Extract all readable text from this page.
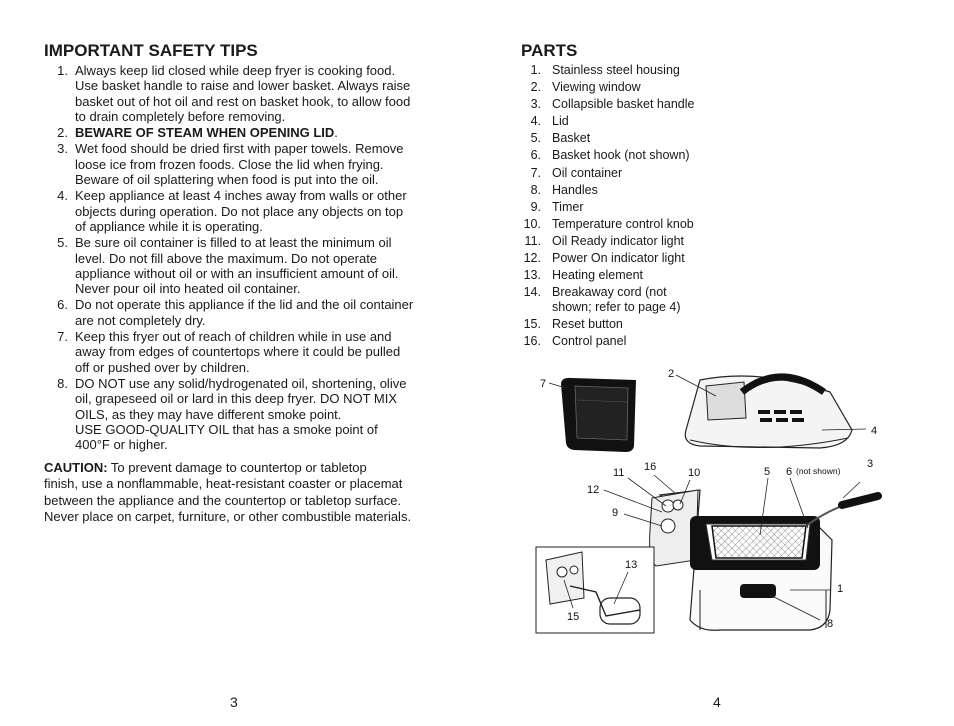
IMPORTANT SAFETY TIPS
1. Always keep lid closed while deep fryer is cooking food.
Use basket handle to raise and lower basket. Always raise
basket out of hot oil and rest on basket hook, to allow food
to drain completely before removing.
2. BEWARE OF STEAM WHEN OPENING LID.
3. Wet food should be dried first with paper towels. Remove
loose ice from frozen foods. Close the lid when frying.
Beware of oil splattering when food is put into the oil.
4. Keep appliance at least 4 inches away from walls or other
objects during operation. Do not place any objects on top
of appliance while it is operating.
5. Be sure oil container is filled to at least the minimum oil
level. Do not fill above the maximum. Do not operate
appliance without oil or with an insufficient amount of oil.
Never pour oil into heated oil container.
6. Do not operate this appliance if the lid and the oil container
are not completely dry.
7. Keep this fryer out of reach of children while in use and
away from edges of countertops where it could be pulled
off or pushed over by children.
8. DO NOT use any solid/hydrogenated oil, shortening, olive
oil, grapeseed oil or lard in this deep fryer. DO NOT MIX
OILS, as they may have different smoke point.
USE GOOD-QUALITY OIL that has a smoke point of
400°F or higher.
CAUTION: To prevent damage to countertop or tabletop
finish, use a nonflammable, heat-resistant coaster or placemat
between the appliance and the countertop or tabletop surface.
Never place on carpet, furniture, or other combustible materials.
3
PARTS
1. Stainless steel housing
2. Viewing window
3. Collapsible basket handle
4. Lid
5. Basket
6. Basket hook (not shown)
7. Oil container
8. Handles
9. Timer
10. Temperature control knob
11. Oil Ready indicator light
12. Power On indicator light
13. Heating element
14. Breakaway cord (not
shown; refer to page 4)
15. Reset button
16. Control panel
4
7
2
4
3
16
11	10	5 6 (not shown)
12
9
13
15
1
8
